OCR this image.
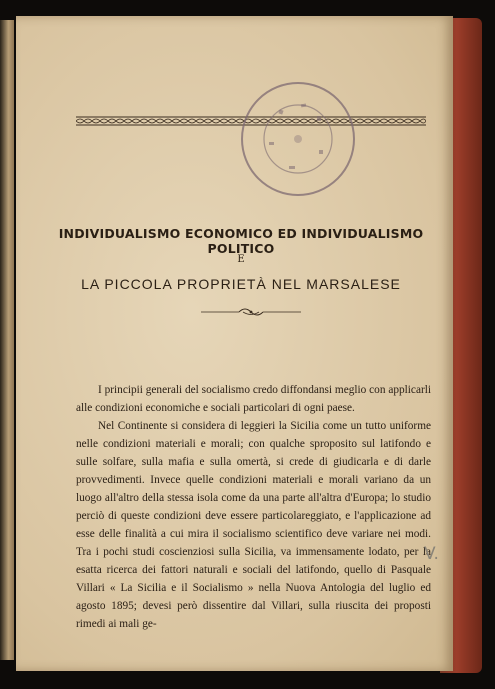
INDIVIDUALISMO ECONOMICO ED INDIVIDUALISMO POLITICO
E
LA PICCOLA PROPRIETÀ NEL MARSALESE

I principii generali del socialismo credo diffondansi meglio con applicarli alle condizioni economiche e sociali particolari di ogni paese.

Nel Continente si considera di leggieri la Sicilia come un tutto uniforme nelle condizioni materiali e morali; con qualche sproposito sul latifondo e sulle solfare, sulla mafia e sulla omertà, si crede di giudicarla e di darle provvedimenti. Invece quelle condizioni materiali e morali variano da un luogo all'altro della stessa isola come da una parte all'altra d'Europa; lo studio perciò di queste condizioni deve essere particolareggiato, e l'applicazione ad esse delle finalità a cui mira il socialismo scientifico deve variare nei modi. Tra i pochi studi coscienziosi sulla Sicilia, va immensamente lodato, per la esatta ricerca dei fattori naturali e sociali del latifondo, quello di Pasquale Villari « La Sicilia e il Socialismo » nella Nuova Antologia del luglio ed agosto 1895; devesi però dissentire dal Villari, sulla riuscita dei proposti rimedi ai mali ge-

V.
